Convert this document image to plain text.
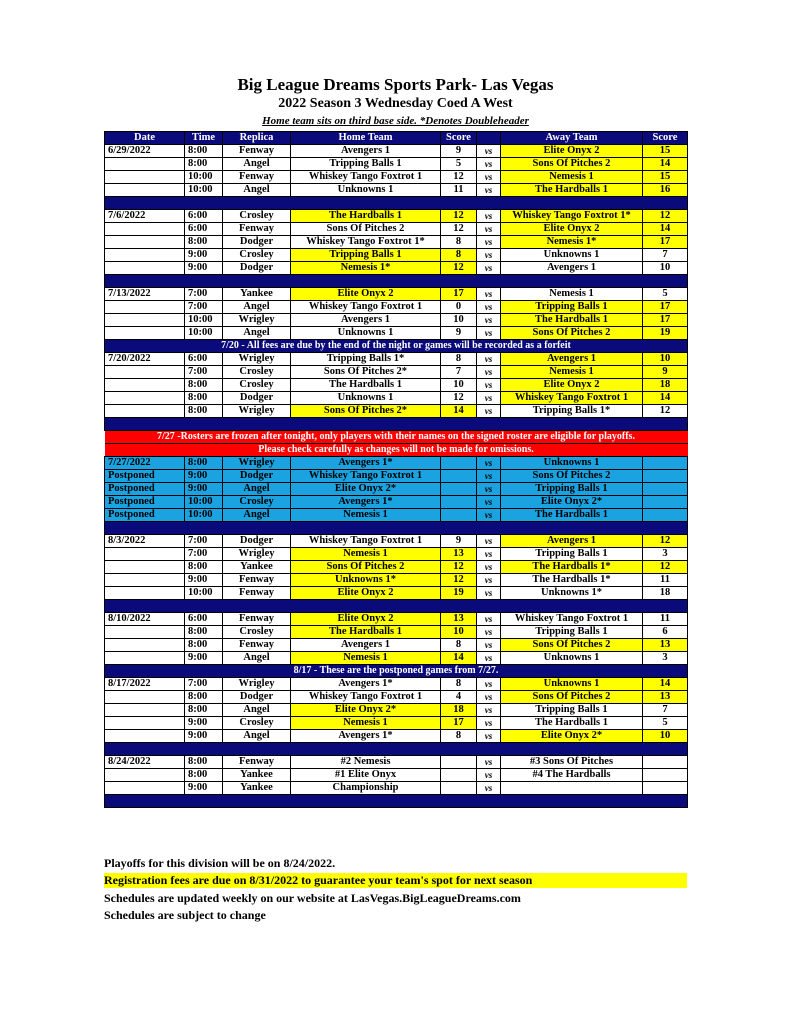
Big League Dreams Sports Park- Las Vegas
2022 Season 3 Wednesday Coed A West
Home team sits on third base side. *Denotes Doubleheader
Date	Time	Replica	Home Team	Score		Away Team	Score
6/29/2022	8:00	Fenway	Avengers 1	9	vs	Elite Onyx 2	15
	8:00	Angel	Tripping Balls 1	5	vs	Sons Of Pitches 2	14
	10:00	Fenway	Whiskey Tango Foxtrot 1	12	vs	Nemesis 1	15
	10:00	Angel	Unknowns 1	11	vs	The Hardballs 1	16

7/6/2022	6:00	Crosley	The Hardballs 1	12	vs	Whiskey Tango Foxtrot 1*	12
	6:00	Fenway	Sons Of Pitches 2	12	vs	Elite Onyx 2	14
	8:00	Dodger	Whiskey Tango Foxtrot 1*	8	vs	Nemesis 1*	17
	9:00	Crosley	Tripping Balls 1	8	vs	Unknowns 1	7
	9:00	Dodger	Nemesis 1*	12	vs	Avengers 1	10

7/13/2022	7:00	Yankee	Elite Onyx 2	17	vs	Nemesis 1	5
	7:00	Angel	Whiskey Tango Foxtrot 1	0	vs	Tripping Balls 1	17
	10:00	Wrigley	Avengers 1	10	vs	The Hardballs 1	17
	10:00	Angel	Unknowns 1	9	vs	Sons Of Pitches 2	19
7/20 - All fees are due by the end of the night or games will be recorded as a forfeit							
7/20/2022	6:00	Wrigley	Tripping Balls 1*	8	vs	Avengers 1	10
	7:00	Crosley	Sons Of Pitches 2*	7	vs	Nemesis 1	9
	8:00	Crosley	The Hardballs 1	10	vs	Elite Onyx 2	18
	8:00	Dodger	Unknowns 1	12	vs	Whiskey Tango Foxtrot 1	14
	8:00	Wrigley	Sons Of Pitches 2*	14	vs	Tripping Balls 1*	12

7/27 -Rosters are frozen after tonight, only players with their names on the signed roster are eligible for playoffs.							
Please check carefully as changes will not be made for omissions.							
7/27/2022	8:00	Wrigley	Avengers 1*		vs	Unknowns 1	
Postponed	9:00	Dodger	Whiskey Tango Foxtrot 1		vs	Sons Of Pitches 2	
Postponed	9:00	Angel	Elite Onyx 2*		vs	Tripping Balls 1	
Postponed	10:00	Crosley	Avengers 1*		vs	Elite Onyx 2*	
Postponed	10:00	Angel	Nemesis 1		vs	The Hardballs 1	

8/3/2022	7:00	Dodger	Whiskey Tango Foxtrot 1	9	vs	Avengers 1	12
	7:00	Wrigley	Nemesis 1	13	vs	Tripping Balls 1	3
	8:00	Yankee	Sons Of Pitches 2	12	vs	The Hardballs 1*	12
	9:00	Fenway	Unknowns 1*	12	vs	The Hardballs 1*	11
	10:00	Fenway	Elite Onyx 2	19	vs	Unknowns 1*	18

8/10/2022	6:00	Fenway	Elite Onyx 2	13	vs	Whiskey Tango Foxtrot 1	11
	8:00	Crosley	The Hardballs 1	10	vs	Tripping Balls 1	6
	8:00	Fenway	Avengers 1	8	vs	Sons Of Pitches 2	13
	9:00	Angel	Nemesis 1	14	vs	Unknowns 1	3
8/17 - These are the postponed games from 7/27.							
8/17/2022	7:00	Wrigley	Avengers 1*	8	vs	Unknowns 1	14
	8:00	Dodger	Whiskey Tango Foxtrot 1	4	vs	Sons Of Pitches 2	13
	8:00	Angel	Elite Onyx 2*	18	vs	Tripping Balls 1	7
	9:00	Crosley	Nemesis 1	17	vs	The Hardballs 1	5
	9:00	Angel	Avengers 1*	8	vs	Elite Onyx 2*	10

8/24/2022	8:00	Fenway	#2 Nemesis		vs	#3 Sons Of Pitches	
	8:00	Yankee	#1 Elite Onyx		vs	#4 The Hardballs	
	9:00	Yankee	Championship		vs		

Playoffs for this division will be on 8/24/2022.
Registration fees are due on 8/31/2022 to guarantee your team's spot for next season
Schedules are updated weekly on our website at LasVegas.BigLeagueDreams.com
Schedules are subject to change
